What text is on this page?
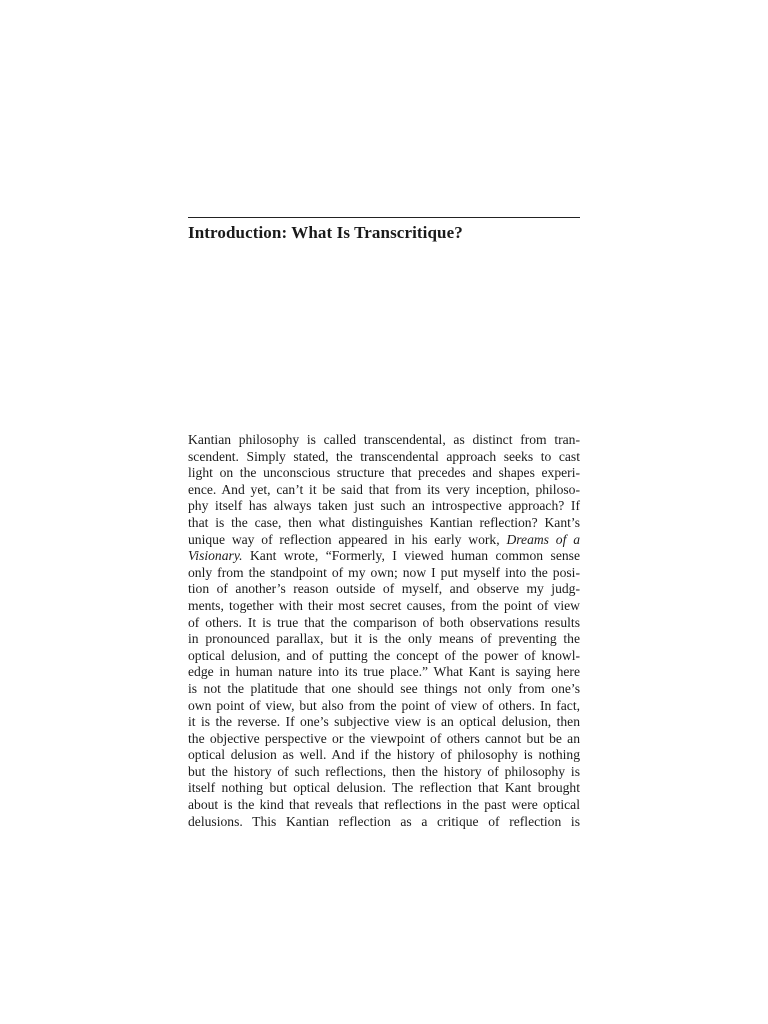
Introduction: What Is Transcritique?
Kantian philosophy is called transcendental, as distinct from tran-
scendent. Simply stated, the transcendental approach seeks to cast
light on the unconscious structure that precedes and shapes experi-
ence. And yet, can’t it be said that from its very inception, philoso-
phy itself has always taken just such an introspective approach? If
that is the case, then what distinguishes Kantian reflection? Kant’s
unique way of reflection appeared in his early work, Dreams of a
Visionary. Kant wrote, “Formerly, I viewed human common sense
only from the standpoint of my own; now I put myself into the posi-
tion of another’s reason outside of myself, and observe my judg-
ments, together with their most secret causes, from the point of view
of others. It is true that the comparison of both observations results
in pronounced parallax, but it is the only means of preventing the
optical delusion, and of putting the concept of the power of knowl-
edge in human nature into its true place.” What Kant is saying here
is not the platitude that one should see things not only from one’s
own point of view, but also from the point of view of others. In fact,
it is the reverse. If one’s subjective view is an optical delusion, then
the objective perspective or the viewpoint of others cannot but be an
optical delusion as well. And if the history of philosophy is nothing
but the history of such reflections, then the history of philosophy is
itself nothing but optical delusion. The reflection that Kant brought
about is the kind that reveals that reflections in the past were optical
delusions. This Kantian reflection as a critique of reflection is
